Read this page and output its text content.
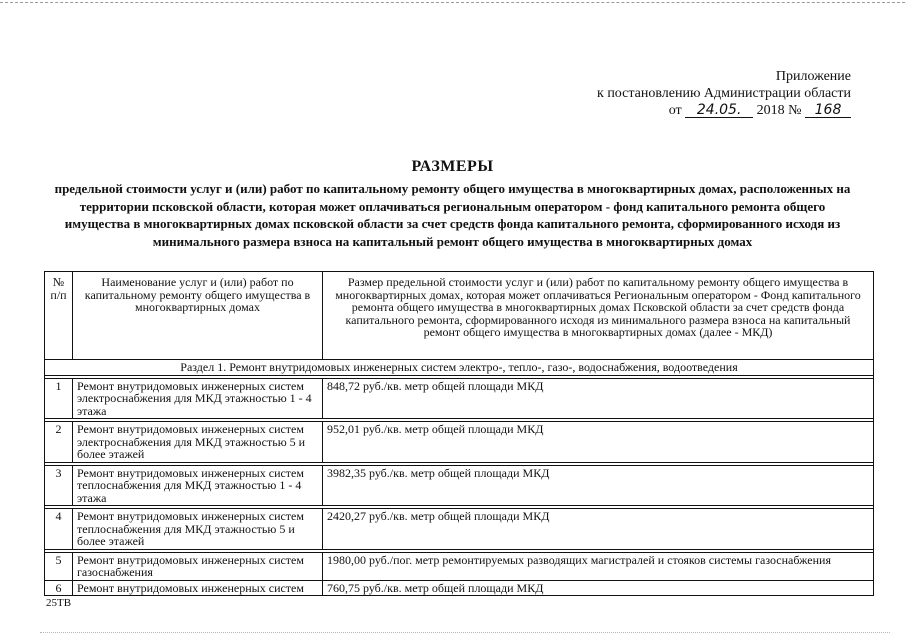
Приложение
к постановлению Администрации области
от 24.05. 2018 № 168
РАЗМЕРЫ
предельной стоимости услуг и (или) работ по капитальному ремонту общего имущества в многоквартирных домах, расположенных на территории псковской области, которая может оплачиваться региональным оператором - фонд капитального ремонта общего имущества в многоквартирных домах псковской области за счет средств фонда капитального ремонта, сформированного исходя из минимального размера взноса на капитальный ремонт общего имущества в многоквартирных домах
№ п/п	Наименование услуг и (или) работ по капитальному ремонту общего имущества в многоквартирных домах	Размер предельной стоимости услуг и (или) работ по капитальному ремонту общего имущества в многоквартирных домах, которая может оплачиваться Региональным оператором - Фонд капитального ремонта общего имущества в многоквартирных домах Псковской области за счет средств фонда капитального ремонта, сформированного исходя из минимального размера взноса на капитальный ремонт общего имущества в многоквартирных домах (далее - МКД)
Раздел 1. Ремонт внутридомовых инженерных систем электро-, тепло-, газо-, водоснабжения, водоотведения		

1	Ремонт внутридомовых инженерных систем электроснабжения для МКД этажностью 1 - 4 этажа	848,72 руб./кв. метр общей площади МКД

2	Ремонт внутридомовых инженерных систем электроснабжения для МКД этажностью 5 и более этажей	952,01 руб./кв. метр общей площади МКД

3	Ремонт внутридомовых инженерных систем теплоснабжения для МКД этажностью 1 - 4 этажа	3982,35 руб./кв. метр общей площади МКД

4	Ремонт внутридомовых инженерных систем теплоснабжения для МКД этажностью 5 и более этажей	2420,27 руб./кв. метр общей площади МКД

5	Ремонт внутридомовых инженерных систем газоснабжения	1980,00 руб./пог. метр ремонтируемых разводящих магистралей и стояков системы газоснабжения
6	Ремонт внутридомовых инженерных систем	760,75 руб./кв. метр общей площади МКД
25ТВ
